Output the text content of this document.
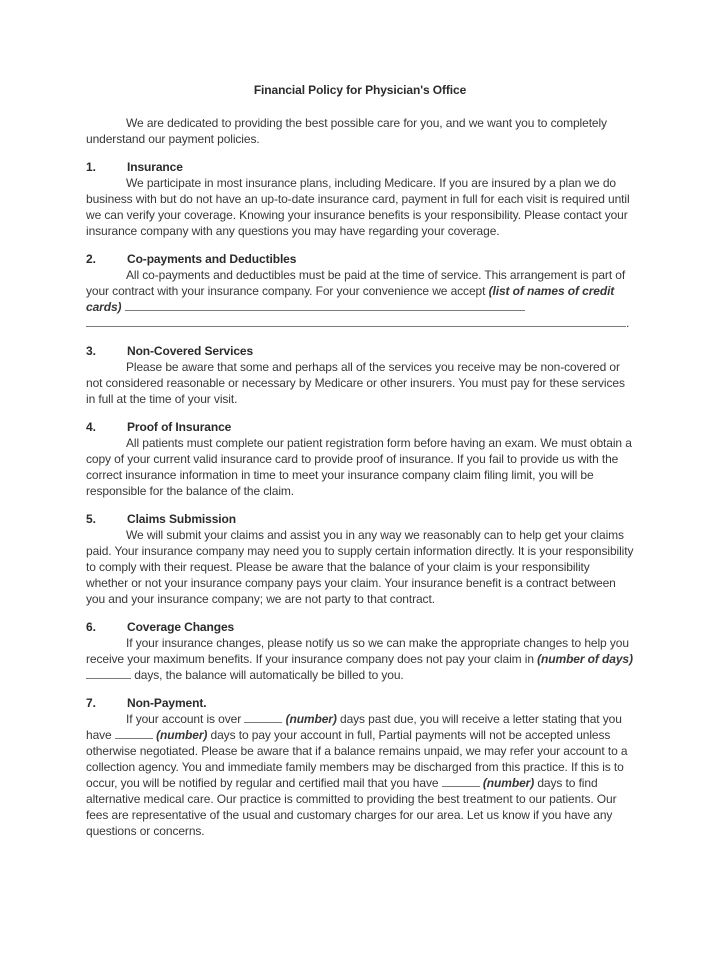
Financial Policy for Physician's Office

We are dedicated to providing the best possible care for you, and we want you to completely understand our payment policies.

1.	Insurance

We participate in most insurance plans, including Medicare. If you are insured by a plan we do business with but do not have an up-to-date insurance card, payment in full for each visit is required until we can verify your coverage. Knowing your insurance benefits is your responsibility. Please contact your insurance company with any questions you may have regarding your coverage.

2.	Co-payments and Deductibles

All co-payments and deductibles must be paid at the time of service. This arrangement is part of your contract with your insurance company. For your convenience we accept (list of names of credit cards)

.

3.	Non-Covered Services

Please be aware that some and perhaps all of the services you receive may be non-covered or not considered reasonable or necessary by Medicare or other insurers. You must pay for these services in full at the time of your visit.

4.	Proof of Insurance

All patients must complete our patient registration form before having an exam. We must obtain a copy of your current valid insurance card to provide proof of insurance. If you fail to provide us with the correct insurance information in time to meet your insurance company claim filing limit, you will be responsible for the balance of the claim.

5.	Claims Submission

We will submit your claims and assist you in any way we reasonably can to help get your claims paid. Your insurance company may need you to supply certain information directly. It is your responsibility to comply with their request. Please be aware that the balance of your claim is your responsibility whether or not your insurance company pays your claim. Your insurance benefit is a contract between you and your insurance company; we are not party to that contract.

6.	Coverage Changes

If your insurance changes, please notify us so we can make the appropriate changes to help you receive your maximum benefits. If your insurance company does not pay your claim in (number of days)  days, the balance will automatically be billed to you.

7.	Non-Payment.

If your account is over	(number) days past due, you will receive a letter stating that you have	(number) days to pay your account in full, Partial payments will not be accepted unless otherwise negotiated. Please be aware that if a balance remains unpaid, we may refer your account to a collection agency. You and immediate family members may be discharged from this practice. If this is to occur, you will be notified by regular and certified mail that you have	(number) days to find alternative medical care. Our practice is committed to providing the best treatment to our patients. Our fees are representative of the usual and customary charges for our area. Let us know if you have any questions or concerns.
